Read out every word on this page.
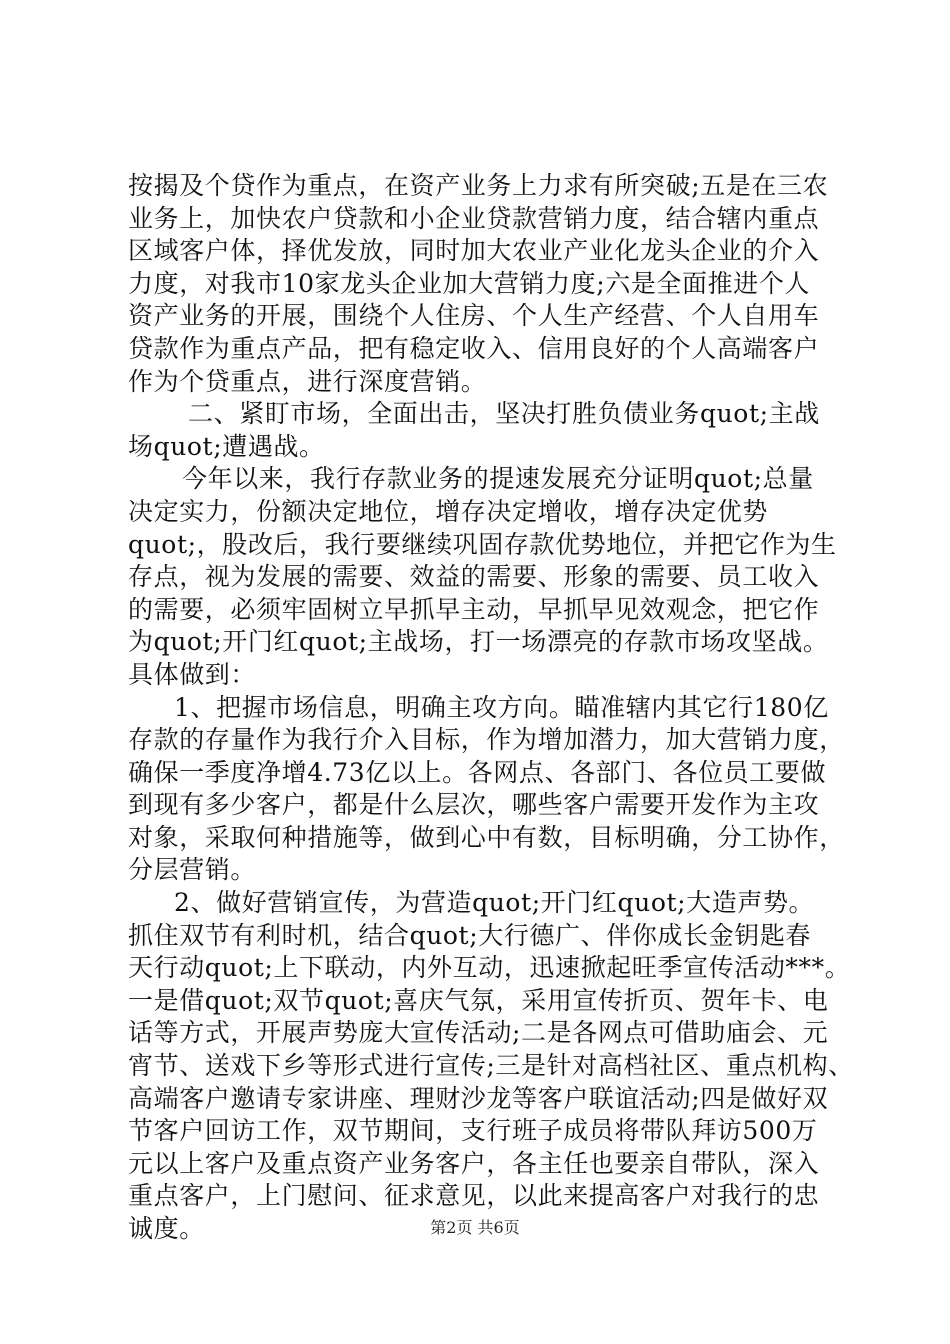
按揭及个贷作为重点，在资产业务上力求有所突破;五是在三农
业务上，加快农户贷款和小企业贷款营销力度，结合辖内重点
区域客户体，择优发放，同时加大农业产业化龙头企业的介入
力度，对我市10家龙头企业加大营销力度;六是全面推进个人
资产业务的开展，围绕个人住房、个人生产经营、个人自用车
贷款作为重点产品，把有稳定收入、信用良好的个人高端客户
作为个贷重点，进行深度营销。
二、紧盯市场，全面出击，坚决打胜负债业务quot;主战
场quot;遭遇战。
今年以来，我行存款业务的提速发展充分证明quot;总量
决定实力，份额决定地位，增存决定增收，增存决定优势
quot;，股改后，我行要继续巩固存款优势地位，并把它作为生
存点，视为发展的需要、效益的需要、形象的需要、员工收入
的需要，必须牢固树立早抓早主动，早抓早见效观念，把它作
为quot;开门红quot;主战场，打一场漂亮的存款市场攻坚战。
具体做到：
1、把握市场信息，明确主攻方向。瞄准辖内其它行180亿
存款的存量作为我行介入目标，作为增加潜力，加大营销力度，
确保一季度净增4.73亿以上。各网点、各部门、各位员工要做
到现有多少客户，都是什么层次，哪些客户需要开发作为主攻
对象，采取何种措施等，做到心中有数，目标明确，分工协作，
分层营销。
2、做好营销宣传，为营造quot;开门红quot;大造声势。
抓住双节有利时机，结合quot;大行德广、伴你成长金钥匙春
天行动quot;上下联动，内外互动，迅速掀起旺季宣传活动***。
一是借quot;双节quot;喜庆气氛，采用宣传折页、贺年卡、电
话等方式，开展声势庞大宣传活动;二是各网点可借助庙会、元
宵节、送戏下乡等形式进行宣传;三是针对高档社区、重点机构、
高端客户邀请专家讲座、理财沙龙等客户联谊活动;四是做好双
节客户回访工作，双节期间，支行班子成员将带队拜访500万
元以上客户及重点资产业务客户，各主任也要亲自带队，深入
重点客户，上门慰问、征求意见，以此来提高客户对我行的忠
诚度。	第2页 共6页
